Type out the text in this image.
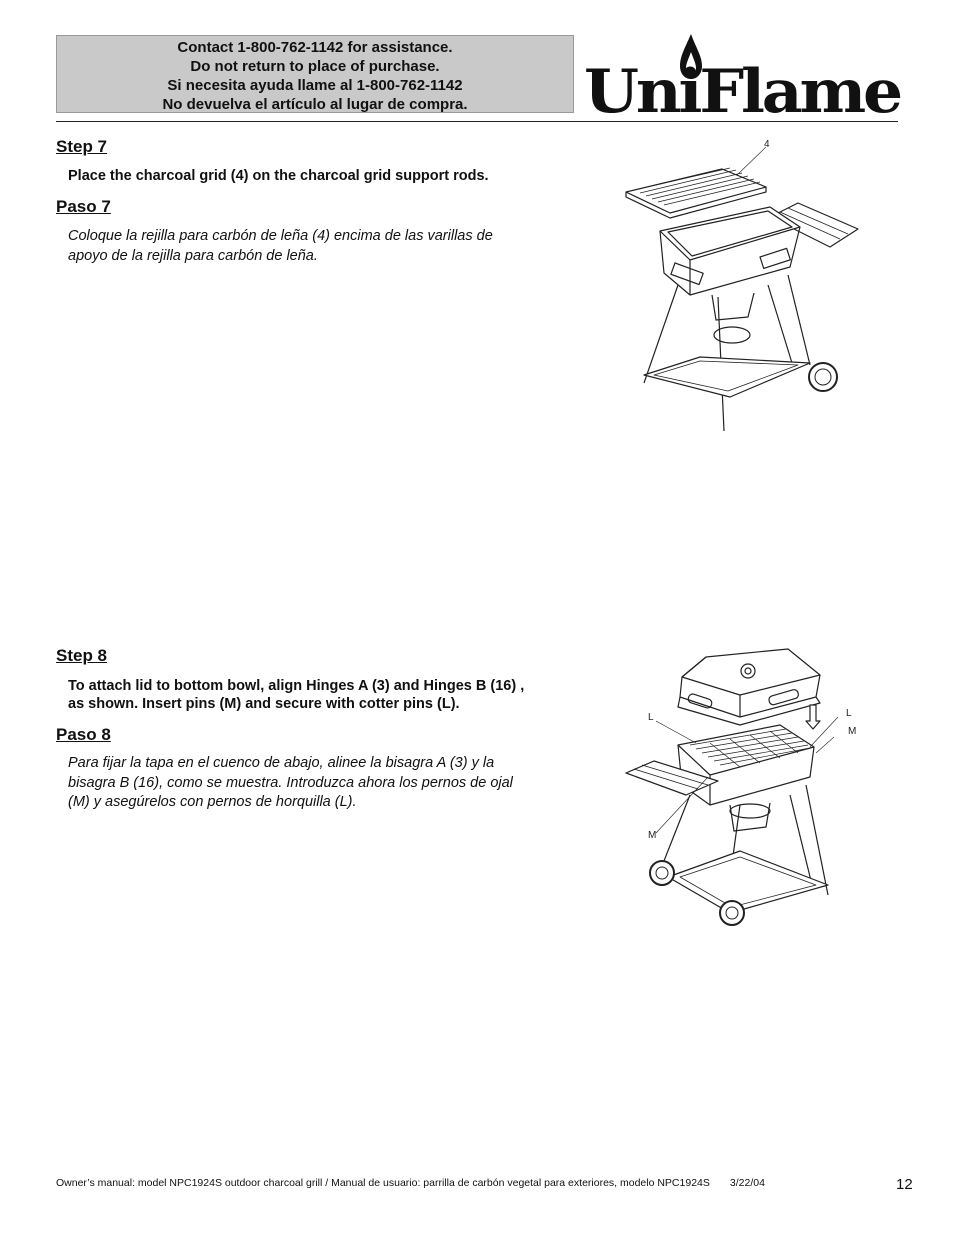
Contact 1-800-762-1142 for assistance.
Do not return to place of purchase.
Si necesita ayuda llame al 1-800-762-1142
No devuelva el artículo al lugar de compra.	UniFlame
Step 7
Place the charcoal grid (4) on the charcoal grid support rods.
Paso 7
Coloque la rejilla para carbón de leña (4) encima de las varillas de
apoyo de la rejilla para carbón de leña.
4
Step 8
To attach lid to bottom bowl, align Hinges A (3) and Hinges B (16) ,
as shown. Insert pins (M) and secure with cotter pins (L).
Paso 8
Para fijar la tapa en el cuenco de abajo, alinee la bisagra A (3) y la
bisagra B (16), como se muestra. Introduzca ahora los pernos de ojal
(M) y asegúrelos con pernos de horquilla (L).
L	L
M
M
Owner’s manual: model NPC1924S outdoor charcoal grill / Manual de usuario: parrilla de carbón vegetal para exteriores, modelo NPC1924S 3/22/04	12
